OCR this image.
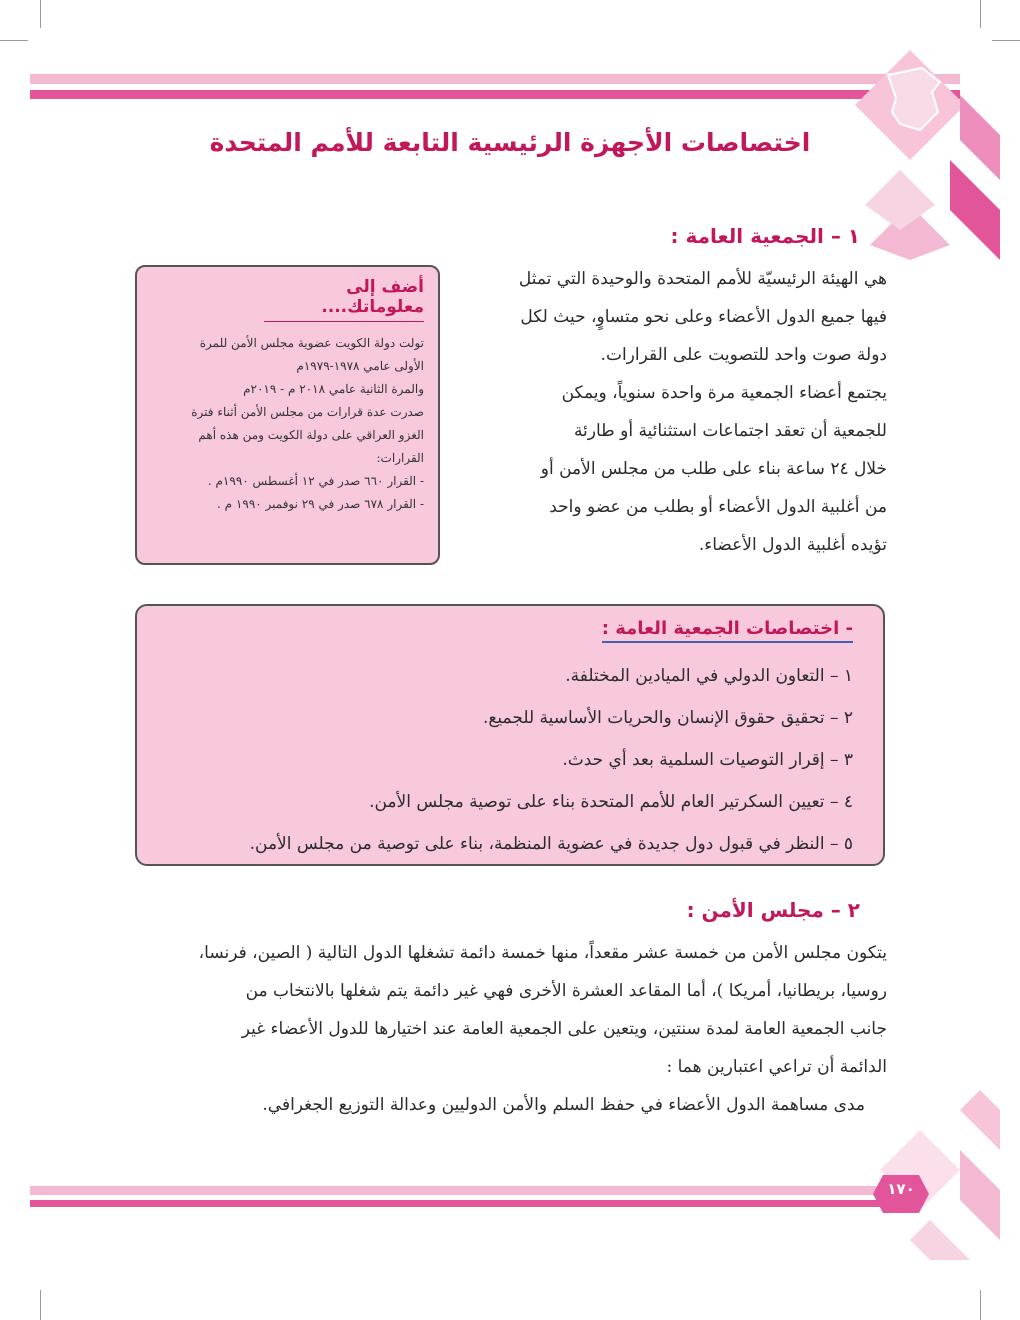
اختصاصات الأجهزة الرئيسية التابعة للأمم المتحدة
١ – الجمعية العامة :
هي الهيئة الرئيسيّة للأمم المتحدة والوحيدة التي تمثل
فيها جميع الدول الأعضاء وعلى نحو متساوٍ، حيث لكل
دولة صوت واحد للتصويت على القرارات.
يجتمع أعضاء الجمعية مرة واحدة سنوياً، ويمكن
للجمعية أن تعقد اجتماعات استثنائية أو طارئة
خلال ٢٤ ساعة بناء على طلب من مجلس الأمن أو
من أغلبية الدول الأعضاء أو بطلب من عضو واحد
تؤيده أغلبية الدول الأعضاء.
أضف إلى معلوماتك....
تولت دولة الكويت عضوية مجلس الأمن للمرة
الأولى عامي ١٩٧٨-١٩٧٩م
والمرة الثانية عامي ٢٠١٨ م - ٢٠١٩م
صدرت عدة قرارات من مجلس الأمن أثناء فترة
الغزو العراقي على دولة الكويت ومن هذه أهم
القرارات:
- القرار ٦٦٠ صدر في ١٢ أغسطس ١٩٩٠م .
- القرار ٦٧٨ صدر في ٢٩ نوفمبر ١٩٩٠ م .
- اختصاصات الجمعية العامة :
١ – التعاون الدولي في الميادين المختلفة.
٢ – تحقيق حقوق الإنسان والحريات الأساسية للجميع.
٣ – إقرار التوصيات السلمية بعد أي حدث.
٤ – تعيين السكرتير العام للأمم المتحدة بناء على توصية مجلس الأمن.
٥ – النظر في قبول دول جديدة في عضوية المنظمة، بناء على توصية من مجلس الأمن.
٢ – مجلس الأمن :
يتكون مجلس الأمن من خمسة عشر مقعداً، منها خمسة دائمة تشغلها الدول التالية ( الصين، فرنسا،
روسيا، بريطانيا، أمريكا )، أما المقاعد العشرة الأخرى فهي غير دائمة يتم شغلها بالانتخاب من
جانب الجمعية العامة لمدة سنتين، ويتعين على الجمعية العامة عند اختيارها للدول الأعضاء غير
الدائمة أن تراعي اعتبارين هما :
مدى مساهمة الدول الأعضاء في حفظ السلم والأمن الدوليين وعدالة التوزيع الجغرافي.
١٧٠
